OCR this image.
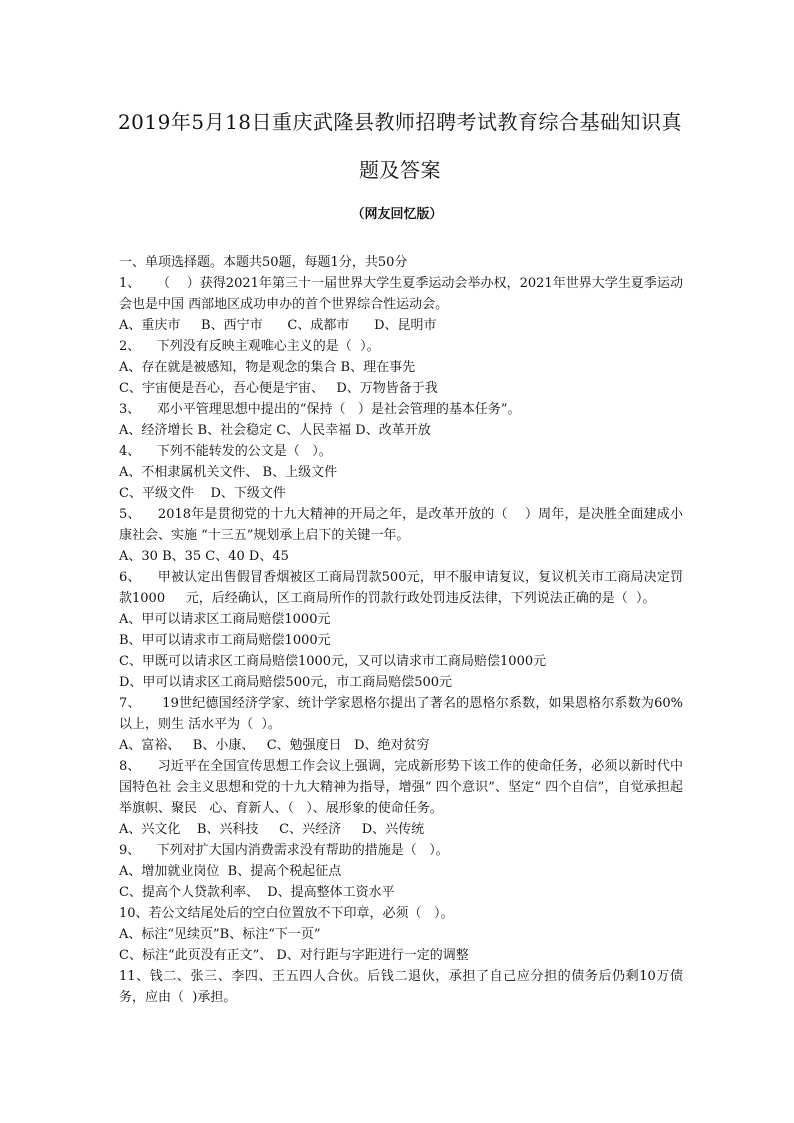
2019年5月18日重庆武隆县教师招聘考试教育综合基础知识真题及答案
（网友回忆版）

一、单项选择题。本题共50题，每题1分，共50分

1、    （    ）获得2021年第三十一届世界大学生夏季运动会举办权，2021年世界大学生夏季运动会也是中国 西部地区成功申办的首个世界综合性运动会。

A、重庆市     B、西宁市      C、成都市      D、昆明市

2、    下列没有反映主观唯心主义的是（  ）。

A、存在就是被感知，物是观念的集合 B、理在事先

C、宇宙便是吾心，吾心便是宇宙、   D、万物皆备于我

3、    邓小平管理思想中提出的“保持（   ）是社会管理的基本任务”。

A、经济增长 B、社会稳定 C、人民幸福 D、改革开放

4、    下列不能转发的公文是（   ）。

A、不相隶属机关文件、 B、上级文件

C、平级文件    D、下级文件

5、    2018年是贯彻党的十九大精神的开局之年，是改革开放的（    ）周年，是决胜全面建成小康社会、实施 “十三五”规划承上启下的关键一年。

A、30 B、35 C、40 D、45

6、    甲被认定出售假冒香烟被区工商局罚款500元，甲不服申请复议，复议机关市工商局决定罚款1000     元，后经确认，区工商局所作的罚款行政处罚违反法律，下列说法正确的是（  ）。

A、甲可以请求区工商局赔偿1000元

B、甲可以请求市工商局赔偿1000元

C、甲既可以请求区工商局赔偿1000元，又可以请求市工商局赔偿1000元

D、甲可以请求区工商局赔偿500元，市工商局赔偿500元

7、     19世纪德国经济学家、统计学家恩格尔提出了著名的恩格尔系数，如果恩格尔系数为60%以上，则生 活水平为（  ）。

A、富裕、   B、小康、   C、勉强度日   D、绝对贫穷

8、    习近平在全国宣传思想工作会议上强调，完成新形势下该工作的使命任务，必须以新时代中国特色社 会主义思想和党的十九大精神为指导，增强“ 四个意识”、坚定“ 四个自信”，自觉承担起举旗帜、聚民   心、育新人、（   ）、展形象的使命任务。

A、兴文化    B、兴科技     C、兴经济     D、兴传统

9、    下列对扩大国内消费需求没有帮助的措施是（   ）。

A、增加就业岗位  B、提高个税起征点

C、提高个人贷款利率、  D、提高整体工资水平

10、若公文结尾处后的空白位置放不下印章，必须（   ）。

A、标注“见续页”B、标注“下一页”

C、标注“此页没有正文”、 D、对行距与字距进行一定的调整

11、钱二、张三、李四、王五四人合伙。后钱二退伙，承担了自己应分担的债务后仍剩10万债务，应由（  )承担。
